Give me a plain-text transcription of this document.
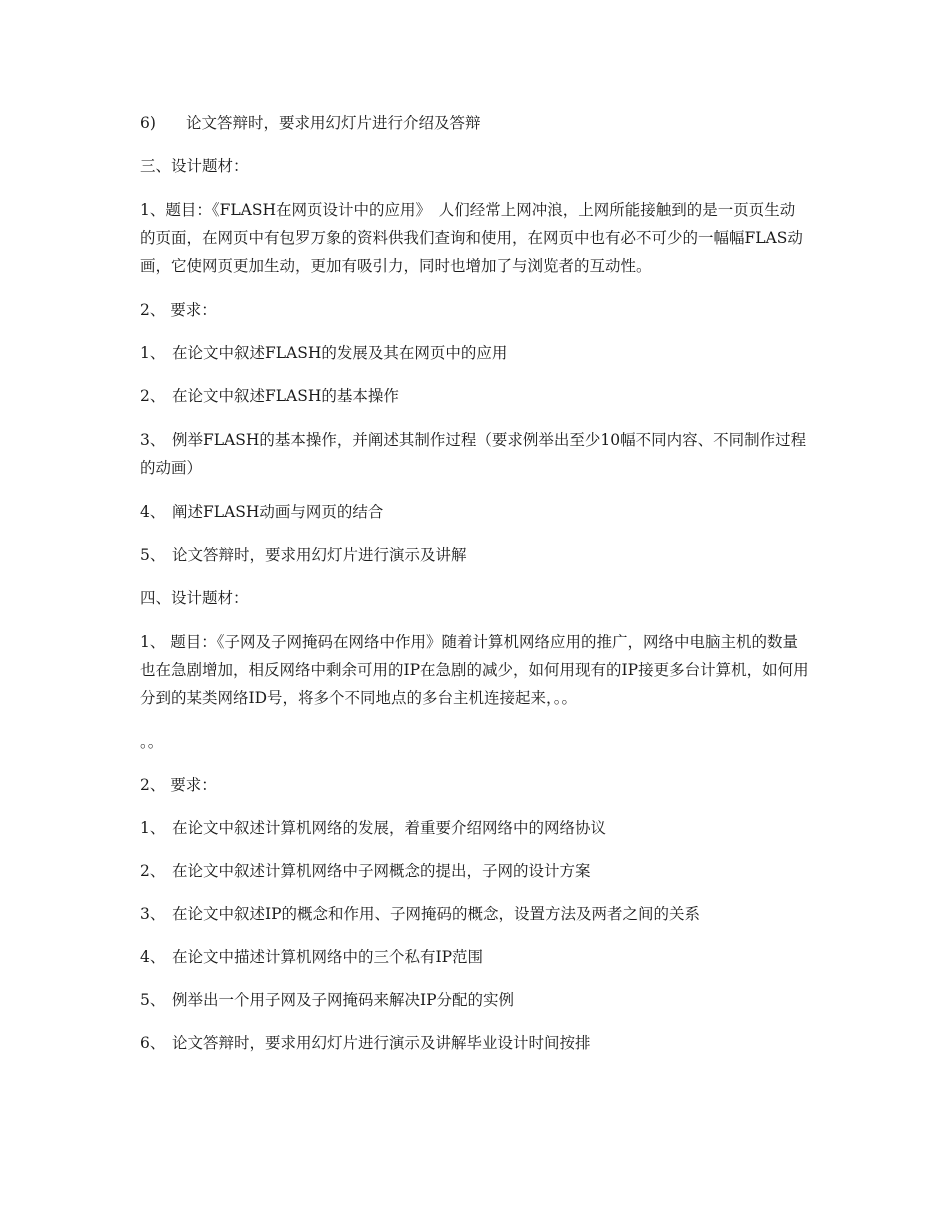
6) 论文答辩时，要求用幻灯片进行介绍及答辩

三、设计题材：

1、题目：《FLASH在网页设计中的应用》　人们经常上网冲浪，上网所能接触到的是一页页生动的页面，在网页中有包罗万象的资料供我们查询和使用，在网页中也有必不可少的一幅幅FLAS动画，它使网页更加生动，更加有吸引力，同时也增加了与浏览者的互动性。

2、 要求：

1、 在论文中叙述FLASH的发展及其在网页中的应用

2、 在论文中叙述FLASH的基本操作

3、 例举FLASH的基本操作，并阐述其制作过程（要求例举出至少10幅不同内容、不同制作过程的动画）

4、 阐述FLASH动画与网页的结合

5、 论文答辩时，要求用幻灯片进行演示及讲解

四、设计题材：

1、 题目：《子网及子网掩码在网络中作用》随着计算机网络应用的推广，网络中电脑主机的数量也在急剧增加，相反网络中剩余可用的IP在急剧的减少，如何用现有的IP接更多台计算机，如何用分到的某类网络ID号，将多个不同地点的多台主机连接起来，。。

。。

2、 要求：

1、 在论文中叙述计算机网络的发展，着重要介绍网络中的网络协议

2、 在论文中叙述计算机网络中子网概念的提出，子网的设计方案

3、 在论文中叙述IP的概念和作用、子网掩码的概念，设置方法及两者之间的关系

4、 在论文中描述计算机网络中的三个私有IP范围

5、 例举出一个用子网及子网掩码来解决IP分配的实例

6、 论文答辩时，要求用幻灯片进行演示及讲解毕业设计时间按排
